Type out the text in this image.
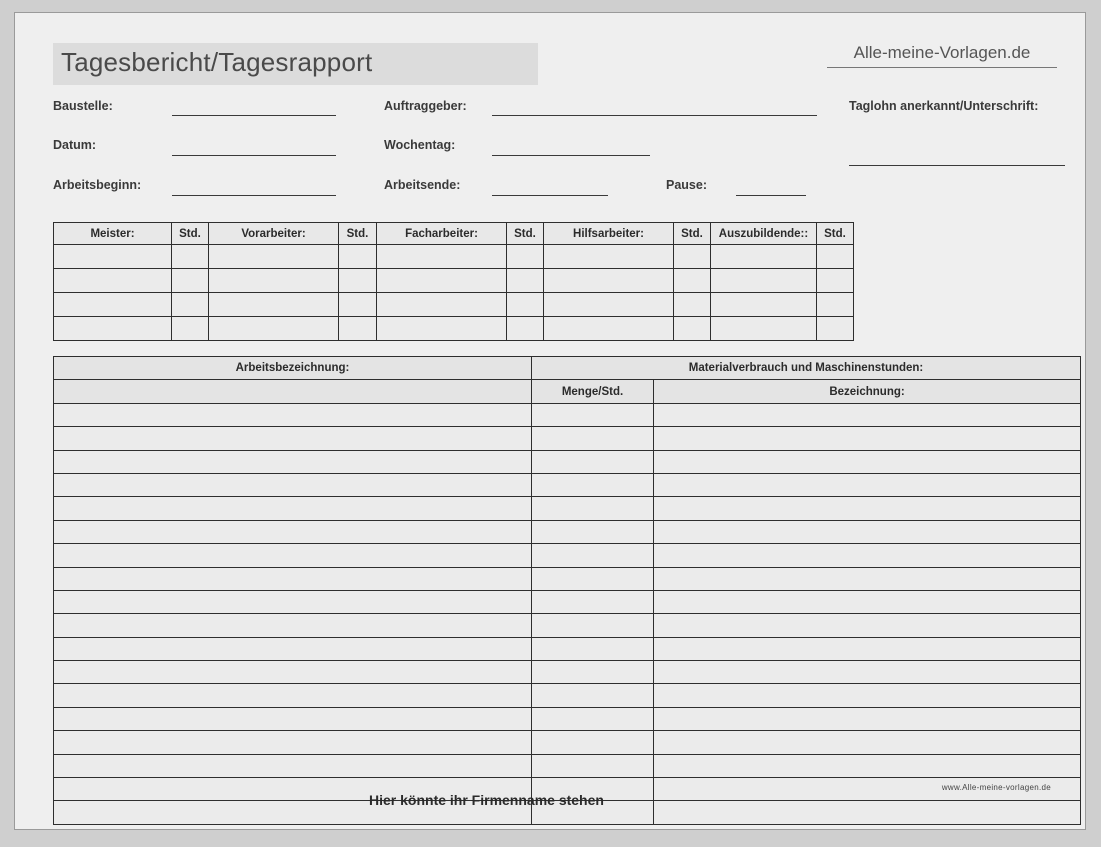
Tagesbericht/Tagesrapport	Alle-meine-Vorlagen.de
Baustelle:	Auftraggeber:	Taglohn anerkannt/Unterschrift:
Datum:	Wochentag:
Arbeitsbeginn:	Arbeitsende:	Pause:
Meister:	Std.	Vorarbeiter:	Std.	Facharbeiter:	Std.	Hilfsarbeiter:	Std.	Auszubildende::	Std.

Arbeitsbezeichnung:	Materialverbrauch und Maschinenstunden:	
	Menge/Std.	Bezeichnung:

Hier könnte ihr Firmenname stehen
www.Alle-meine-vorlagen.de
